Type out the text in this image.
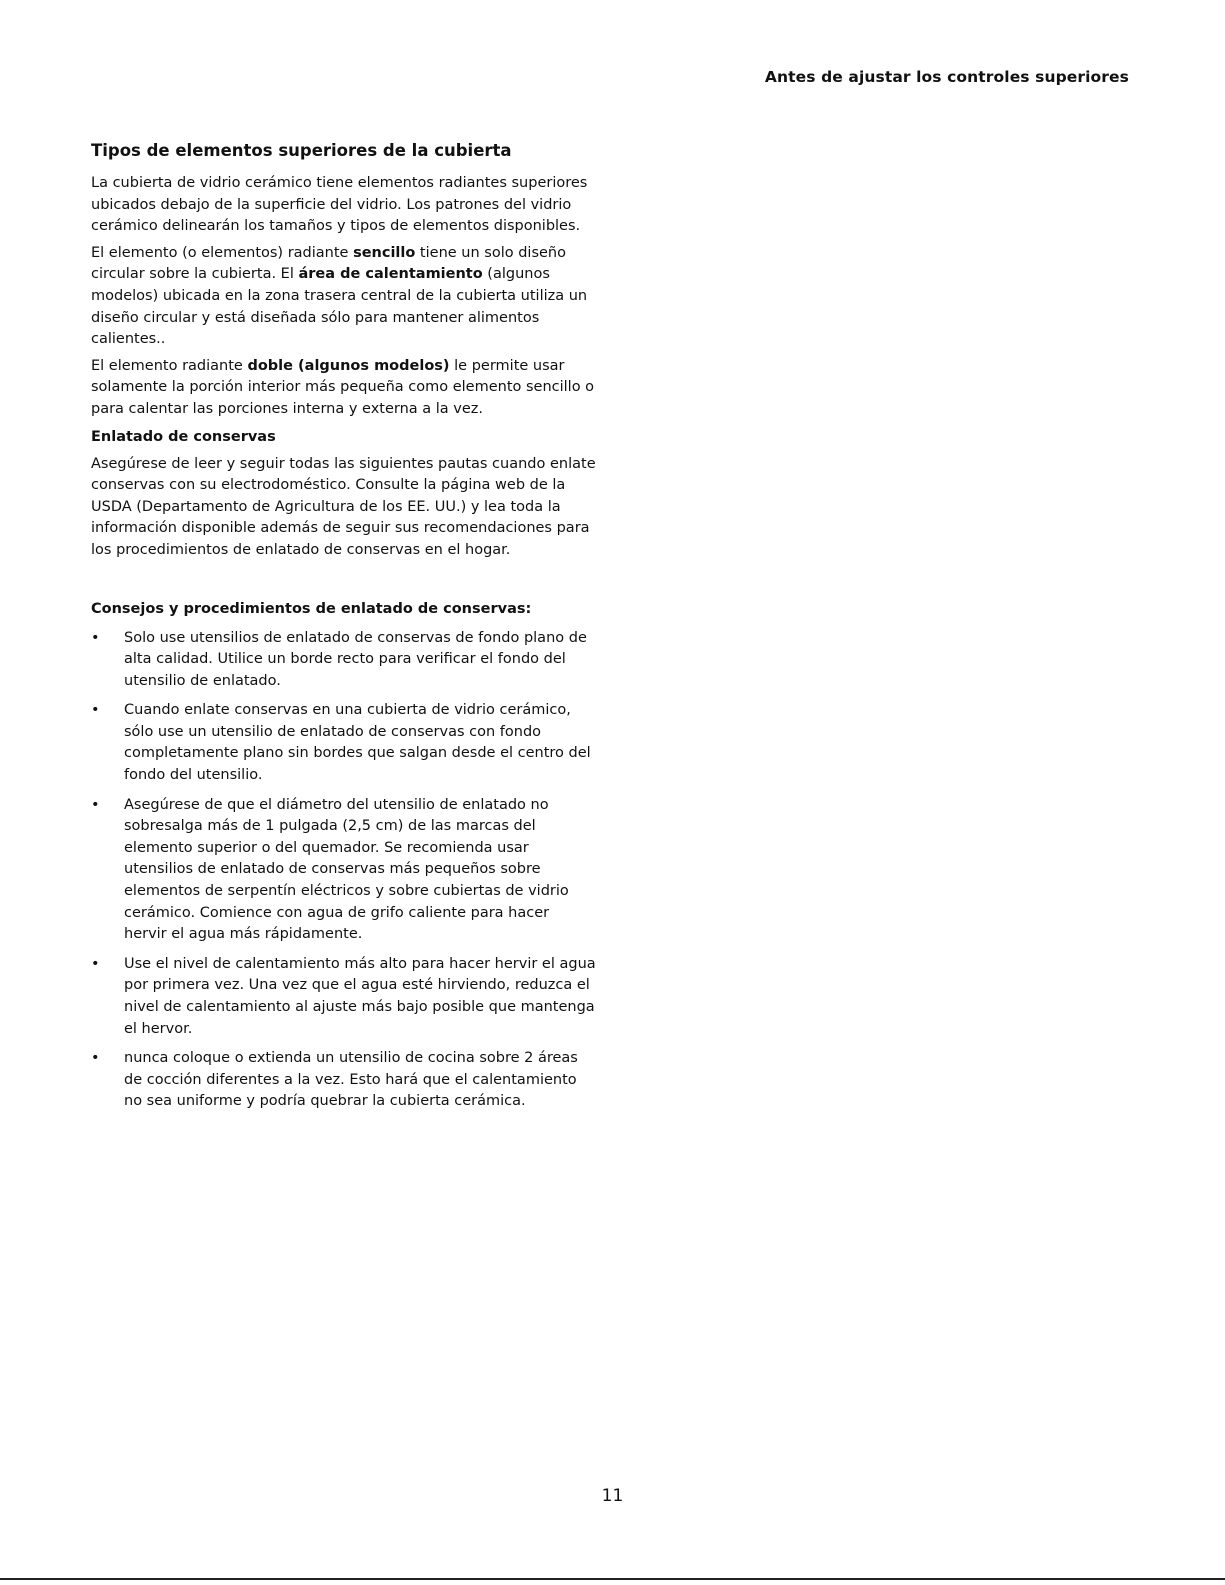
Antes de ajustar los controles superiores
Tipos de elementos superiores de la cubierta

La cubierta de vidrio cerámico tiene elementos radiantes superiores ubicados debajo de la superficie del vidrio. Los patrones del vidrio cerámico delinearán los tamaños y tipos de elementos disponibles.

El elemento (o elementos) radiante sencillo tiene un solo diseño circular sobre la cubierta. El área de calentamiento (algunos modelos) ubicada en la zona trasera central de la cubierta utiliza un diseño circular y está diseñada sólo para mantener alimentos calientes..

El elemento radiante doble (algunos modelos) le permite usar solamente la porción interior más pequeña como elemento sencillo o para calentar las porciones interna y externa a la vez.

Enlatado de conservas

Asegúrese de leer y seguir todas las siguientes pautas cuando enlate conservas con su electrodoméstico. Consulte la página web de la USDA (Departamento de Agricultura de los EE. UU.) y lea toda la información disponible además de seguir sus recomendaciones para los procedimientos de enlatado de conservas en el hogar.

Consejos y procedimientos de enlatado de conservas:
• Solo use utensilios de enlatado de conservas de fondo plano de alta calidad. Utilice un borde recto para verificar el fondo del utensilio de enlatado.
• Cuando enlate conservas en una cubierta de vidrio cerámico, sólo use un utensilio de enlatado de conservas con fondo completamente plano sin bordes que salgan desde el centro del fondo del utensilio.
• Asegúrese de que el diámetro del utensilio de enlatado no sobresalga más de 1 pulgada (2,5 cm) de las marcas del elemento superior o del quemador. Se recomienda usar utensilios de enlatado de conservas más pequeños sobre elementos de serpentín eléctricos y sobre cubiertas de vidrio cerámico. Comience con agua de grifo caliente para hacer hervir el agua más rápidamente.
• Use el nivel de calentamiento más alto para hacer hervir el agua por primera vez. Una vez que el agua esté hirviendo, reduzca el nivel de calentamiento al ajuste más bajo posible que mantenga el hervor.
• nunca coloque o extienda un utensilio de cocina sobre 2 áreas de cocción diferentes a la vez. Esto hará que el calentamiento no sea uniforme y podría quebrar la cubierta cerámica.
11
